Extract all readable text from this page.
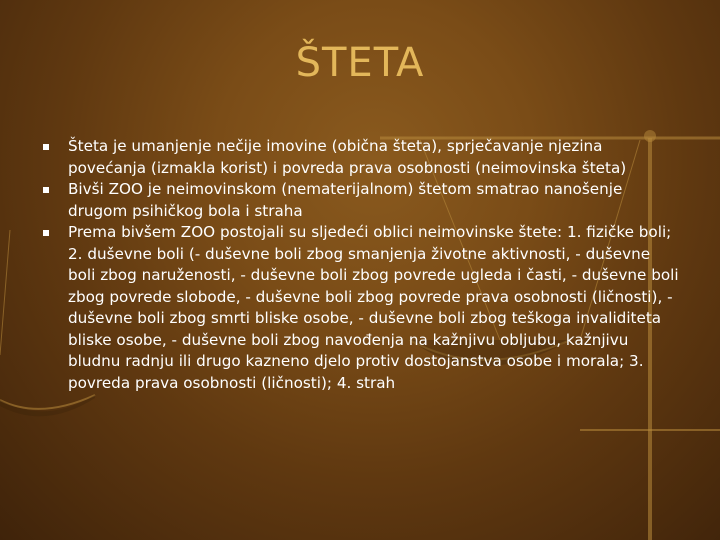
ŠTETA
Šteta je umanjenje nečije imovine (obična šteta), sprječavanje njezina povećanja (izmakla korist) i povreda prava osobnosti (neimovinska šteta)
Bivši ZOO je neimovinskom (nematerijalnom) štetom smatrao nanošenje drugom psihičkog bola i straha
Prema bivšem ZOO postojali su sljedeći oblici neimovinske štete: 1. fizičke boli; 2. duševne boli (- duševne boli zbog smanjenja životne aktivnosti, - duševne boli zbog naruženosti, - duševne boli zbog povrede ugleda i časti, - duševne boli zbog povrede slobode, - duševne boli zbog povrede prava osobnosti (ličnosti), - duševne boli zbog smrti bliske osobe, - duševne boli zbog teškoga invaliditeta bliske osobe, - duševne boli zbog navođenja na kažnjivu obljubu, kažnjivu bludnu radnju ili drugo kazneno djelo protiv dostojanstva osobe i morala; 3. povreda prava osobnosti (ličnosti); 4. strah
